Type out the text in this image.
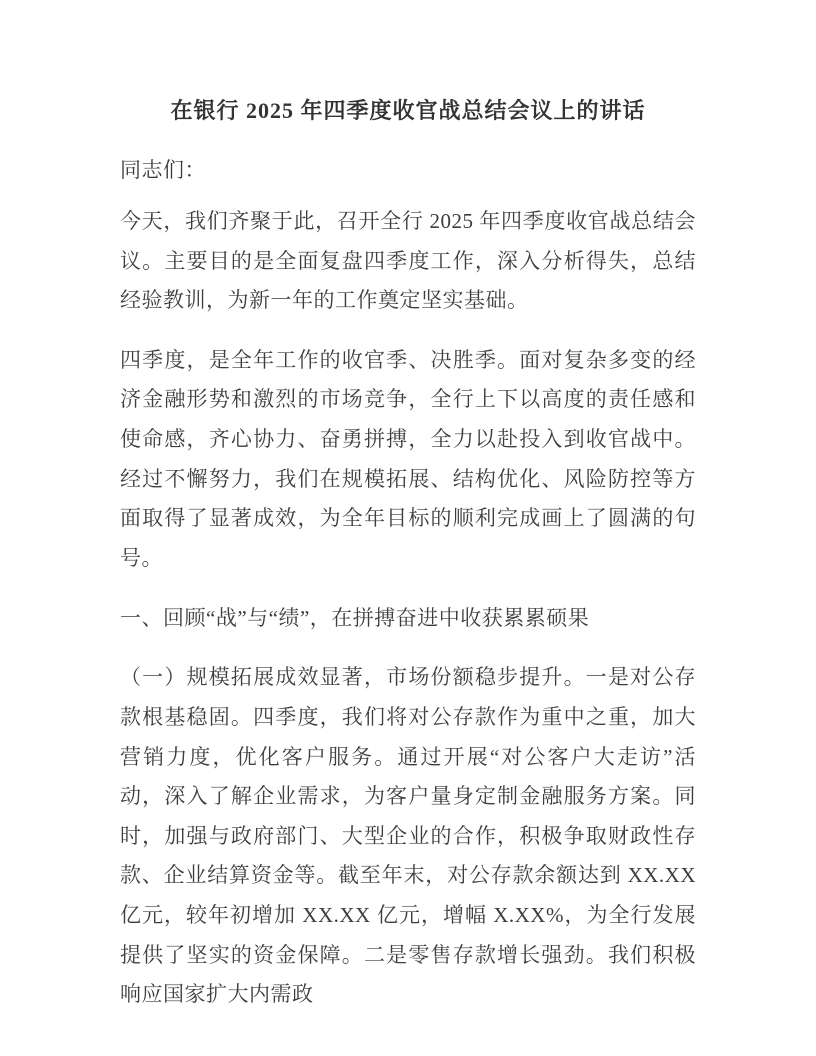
在银行 2025 年四季度收官战总结会议上的讲话

同志们：

今天，我们齐聚于此，召开全行 2025 年四季度收官战总结会议。主要目的是全面复盘四季度工作，深入分析得失，总结经验教训，为新一年的工作奠定坚实基础。

四季度，是全年工作的收官季、决胜季。面对复杂多变的经济金融形势和激烈的市场竞争，全行上下以高度的责任感和使命感，齐心协力、奋勇拼搏，全力以赴投入到收官战中。经过不懈努力，我们在规模拓展、结构优化、风险防控等方面取得了显著成效，为全年目标的顺利完成画上了圆满的句号。

一、回顾“战”与“绩”，在拼搏奋进中收获累累硕果

（一）规模拓展成效显著，市场份额稳步提升。一是对公存款根基稳固。四季度，我们将对公存款作为重中之重，加大营销力度，优化客户服务。通过开展“对公客户大走访”活动，深入了解企业需求，为客户量身定制金融服务方案。同时，加强与政府部门、大型企业的合作，积极争取财政性存款、企业结算资金等。截至年末，对公存款余额达到 XX.XX 亿元，较年初增加 XX.XX 亿元，增幅 X.XX%，为全行发展提供了坚实的资金保障。二是零售存款增长强劲。我们积极响应国家扩大内需政
